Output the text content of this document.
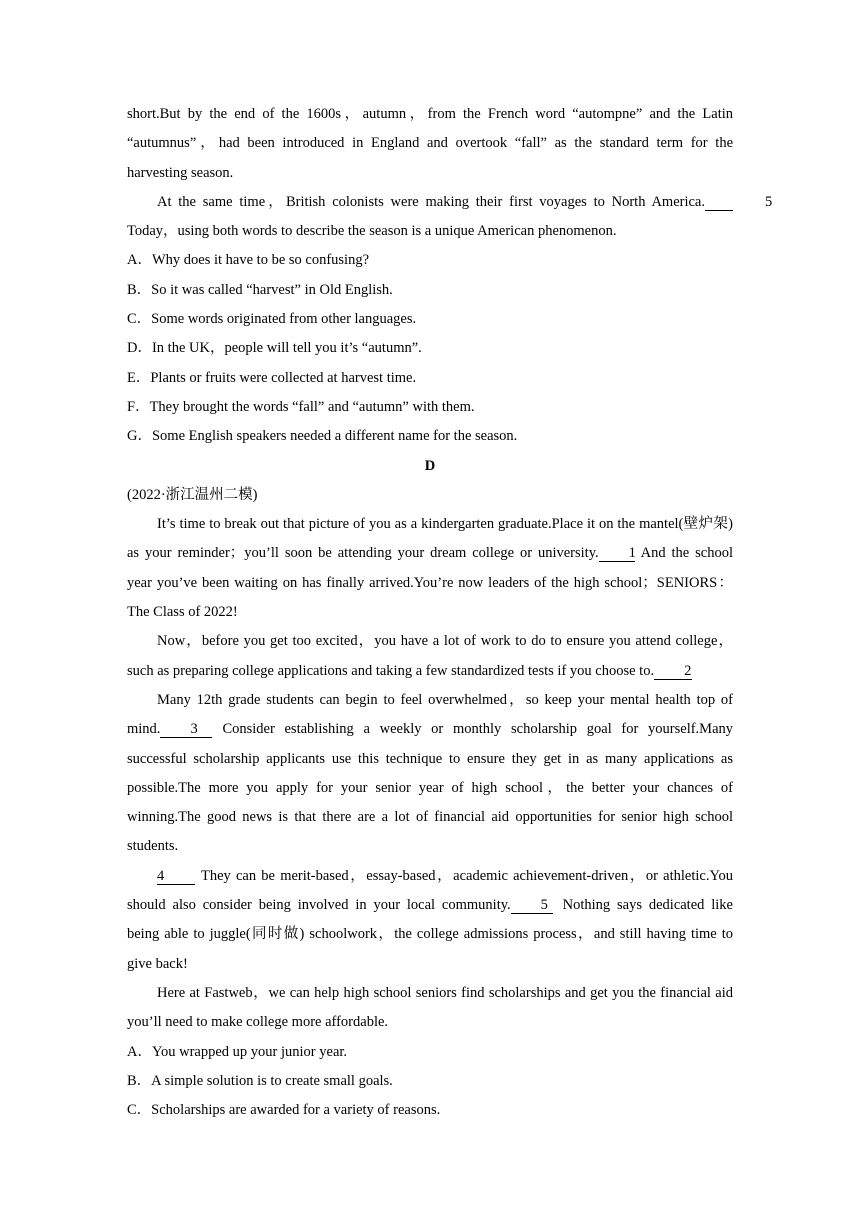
short.But by the end of the 1600s，autumn，from the French word “autompne” and the Latin “autumnus”，had been introduced in England and overtook “fall” as the standard term for the harvesting season.

At the same time，British colonists were making their first voyages to North America.	5Today，using both words to describe the season is a unique American phenomenon.

A．Why does it have to be so confusing?

B．So it was called “harvest” in Old English.

C．Some words originated from other languages.

D．In the UK，people will tell you it’s “autumn”.

E．Plants or fruits were collected at harvest time.

F．They brought the words “fall” and “autumn” with them.

G．Some English speakers needed a different name for the season.

D

(2022·浙江温州二模)

It’s time to break out that picture of you as a kindergarten graduate.Place it on the mantel(壁炉架) as your reminder；you’ll soon be attending your dream college or university. 1 And the school year you’ve been waiting on has finally arrived.You’re now leaders of the high school；SENIORS：The Class of 2022!

Now，before you get too excited，you have a lot of work to do to ensure you attend college，such as preparing college applications and taking a few standardized tests if you choose to. 2

Many 12th grade students can begin to feel overwhelmed，so keep your mental health top of mind. 3 Consider establishing a weekly or monthly scholarship goal for yourself.Many successful scholarship applicants use this technique to ensure they get in as many applications as possible.The more you apply for your senior year of high school，the better your chances of winning.The good news is that there are a lot of financial aid opportunities for senior high school students.

4	They can be merit-based，essay-based，academic achievement-driven，or athletic.You should also consider being involved in your local community. 5 Nothing says dedicated like being able to juggle(同时做) schoolwork，the college admissions process，and still having time to give back!

Here at Fastweb，we can help high school seniors find scholarships and get you the financial aid you’ll need to make college more affordable.

A．You wrapped up your junior year.

B．A simple solution is to create small goals.

C．Scholarships are awarded for a variety of reasons.
